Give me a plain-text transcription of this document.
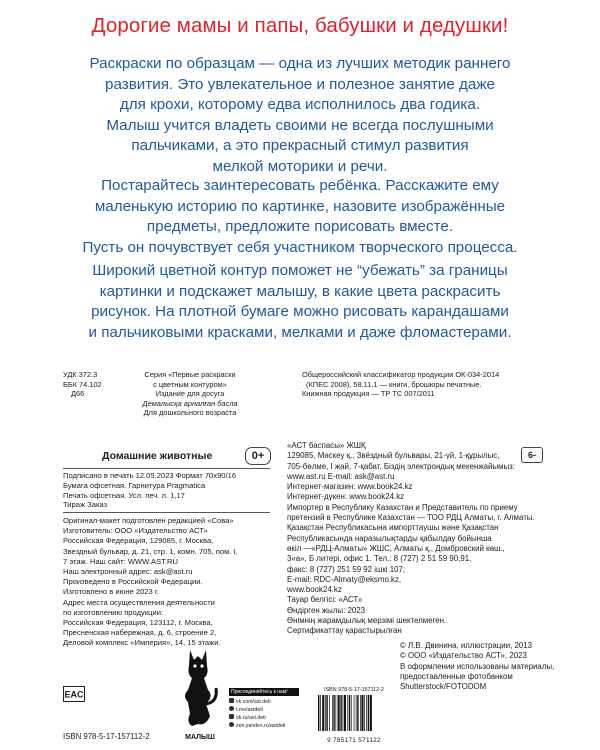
Дорогие мамы и папы, бабушки и дедушки!

Раскраски по образцам — одна из лучших методик раннего
развития. Это увлекательное и полезное занятие даже
для крохи, которому едва исполнилось два годика.
Малыш учится владеть своими не всегда послушными
пальчиками, а это прекрасный стимул развития
мелкой моторики и речи.

Постарайтесь заинтересовать ребёнка. Расскажите ему
маленькую историю по картинке, назовите изображённые
предметы, предложите порисовать вместе.
Пусть он почувствует себя участником творческого процесса.

Широкий цветной контур поможет не “убежать” за границы
картинки и подскажет малышу, в какие цвета раскрасить
рисунок. На плотной бумаге можно рисовать карандашами
и пальчиковыми красками, мелками и даже фломастерами.

УДК 372.3
ББК 74.102
Д66
Серия «Первые раскраски
с цветным контуром»
Издание для досуга
Демалысқа арналған басла
Для дошкольного возраста
Общероссийский классификатор продукции ОК-034-2014
(КПЕС 2008), 58.11.1 — книги, брошюры печатные.
Книжная продукция — ТР ТС 007/2011
Домашние животные	0+	6-
Подписано в печать 12.05.2023 Формат 70х90/16
Бумага офсетная. Гарнитура Pragmatica
Печать офсетная. Усл. печ. л. 1,17
Тираж Заказ
Оригинал-макет подготовлен редакцией «Сова»
Изготовитель: ООО «Издательство АСТ»
Российская Федерация, 129085, г. Москва,
Звездный бульвар, д. 21, стр. 1, комн. 705, пом. I,
7 этаж. Наш сайт: WWW.AST.RU
Наш электронный адрес: ask@ast.ru
Произведено в Российской Федерации.
Изготовлено в июне 2023 г.
Адрес места осуществления деятельности
по изготовлению продукции:
Российская Федерация, 123112, г. Москва,
Пресненская набережная, д. 6, строение 2,
Деловой комплекс «Империя», 14, 15 этажи.
«АСТ баспасы» ЖШҚ
129085, Мәскеу қ., Звёздный бульвары, 21-үй, 1-құрылыс,
705-бөлме, I жай, 7-қабат. Біздің электрондық мекенжайымыз:
www.ast.ru E-mail: ask@ast.ru
Интернет-магазин: www.book24.kz
Интернет-дүкен: www.book24.kz
Импортер в Республику Казахстан и Представитель по приему
претензий в Республике Казахстан — ТОО РДЦ Алматы, г. Алматы.
Қазақстан Республикасына импорттаушы және Қазақстан
Республикасында наразылықтарды қабылдау бойынша
өкіл —«РДЦ-Алматы» ЖШС, Алматы қ., Домбровский көш.,
3«а», Б литерi, офис 1. Тел.: 8 (727) 2 51 59 90,91,
факс: 8 (727) 251 59 92 ішкі 107;
E-mail: RDC-Almaty@eksmo.kz,
www.book24.kz
Тауар белгісі: «АСТ»
Өндірген жылы: 2023
Өнімнің жарамдылық мерзімі шектелмеген.
Сертификаттау қарастырылған
© Л.В. Двинина, иллюстрации, 2013
© ООО «Издательство АСТ», 2023
В оформлении использованы материалы,
предоставленные фотобанком
Shutterstock/FOTODOM
EAC
ISBN 978-5-17-157112-2	МАЛЫШ
Присоединяйтесь к нам!
vk.com/ast.deti
t.me/astdeti
ok.ru/ast.deti
zen.yandex.ru/astdeti
ISBN 978-5-17-157112-2
9 785171 571122
